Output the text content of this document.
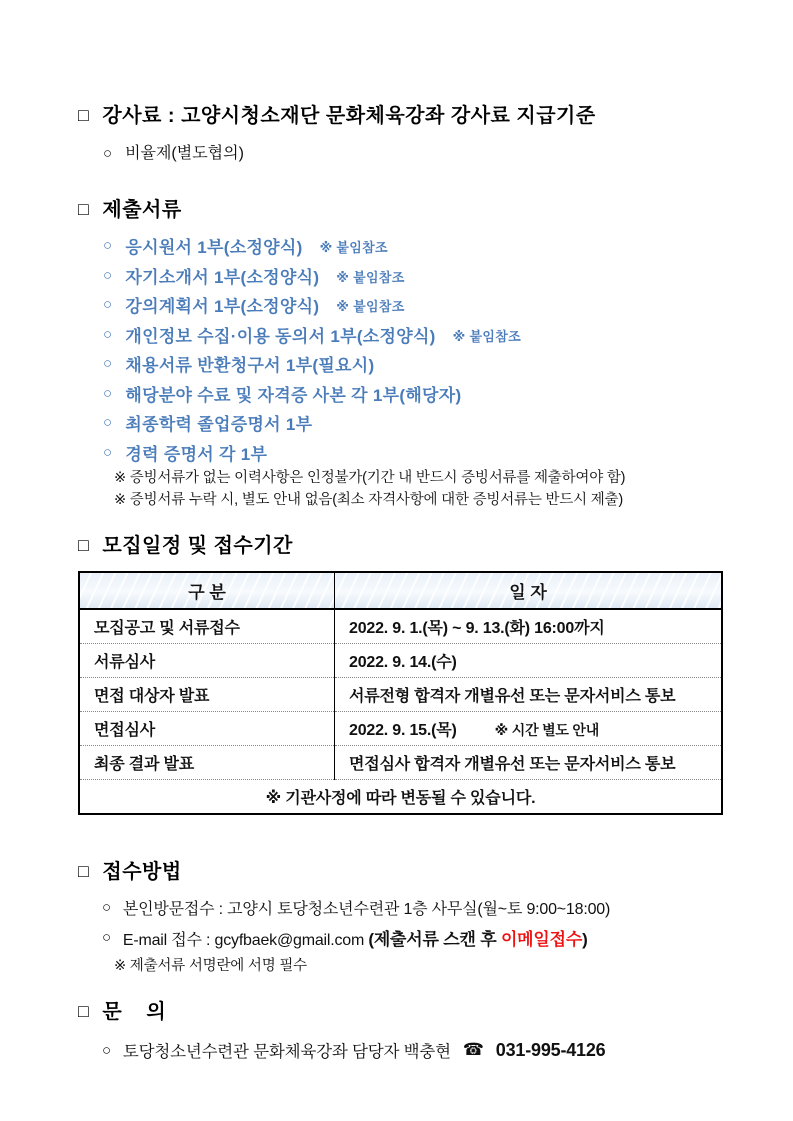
□ 강사료 : 고양시청소재단 문화체육강좌 강사료 지급기준
○ 비율제(별도협의)
□ 제출서류
○ 응시원서 1부(소정양식) ※ 붙임참조
○ 자기소개서 1부(소정양식) ※ 붙임참조
○ 강의계획서 1부(소정양식) ※ 붙임참조
○ 개인정보 수집·이용 동의서 1부(소정양식) ※ 붙임참조
○ 채용서류 반환청구서 1부(필요시)
○ 해당분야 수료 및 자격증 사본 각 1부(해당자)
○ 최종학력 졸업증명서 1부
○ 경력 증명서 각 1부
※ 증빙서류가 없는 이력사항은 인정불가(기간 내 반드시 증빙서류를 제출하여야 함)
※ 증빙서류 누락 시, 별도 안내 없음(최소 자격사항에 대한 증빙서류는 반드시 제출)
□ 모집일정 및 접수기간
구 분	일 자
모집공고 및 서류접수	2022. 9. 1.(목) ~ 9. 13.(화) 16:00까지
서류심사	2022. 9. 14.(수)
면접 대상자 발표	서류전형 합격자 개별유선 또는 문자서비스 통보
면접심사	2022. 9. 15.(목) ※ 시간 별도 안내
최종 결과 발표	면접심사 합격자 개별유선 또는 문자서비스 통보
※ 기관사정에 따라 변동될 수 있습니다.	
□ 접수방법
○ 본인방문접수 : 고양시 토당청소년수련관 1층 사무실(월~토 9:00~18:00)
○ E-mail 접수 : gcyfbaek@gmail.com (제출서류 스캔 후 이메일접수)
※ 제출서류 서명란에 서명 필수
□ 문    의
○ 토당청소년수련관 문화체육강좌 담당자 백충현 ☎ 031-995-4126
